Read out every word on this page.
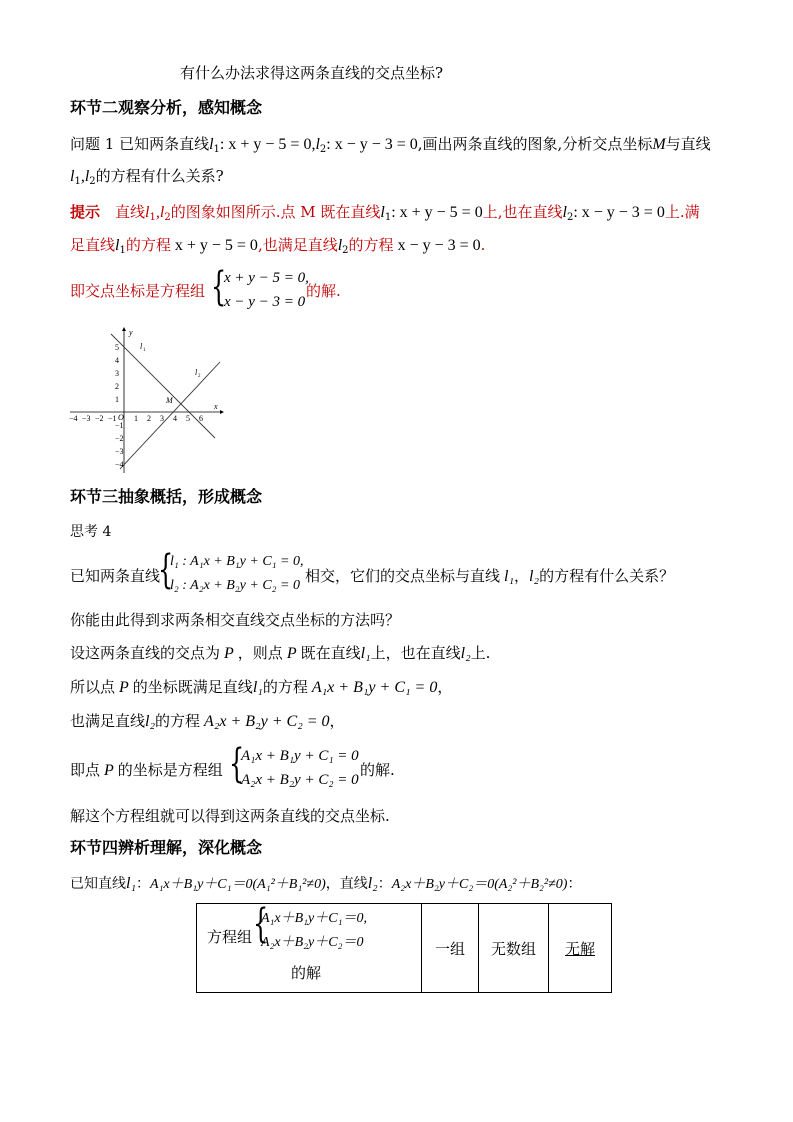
有什么办法求得这两条直线的交点坐标?
环节二观察分析，感知概念
问题 1 已知两条直线$l_1$: $x + y - 5 = 0,l_2$: x − y − 3 = 0,画出两条直线的图象,分析交点坐标M与直线
$l_1,l_2$的方程有什么关系?
提示　直线$l_1,l_2$的图象如图所示.点 M 既在直线$l_1$: x + y − 5 = 0上,也在直线$l_2$: x − y − 3 = 0上.满
足直线$l_1$的方程 x + y − 5 = 0,也满足直线$l_2$的方程 x − y − 3 = 0.
即交点坐标是方程组 {
x + y − 5 = 0,
x − y − 3 = 0
的解.
y
x
O
l 1
l 2
M
−4 −3 −2 −1 1 2 3 4 5 6
5
4
3
2
1
−1
−2
−3
−4
环节三抽象概括，形成概念
思考 4
已知两条直线
{
l₁ : A₁x + B₁y + C₁ = 0,
l₂ : A₂x + B₂y + C₂ = 0
相交，它们的交点坐标与直线 l₁，l₂的方程有什么关系？
你能由此得到求两条相交直线交点坐标的方法吗？
设这两条直线的交点为 P ，则点 P 既在直线l₁上，也在直线l₂上.
所以点 P 的坐标既满足直线l₁的方程 A₁x + B₁y + C₁ = 0，
也满足直线l₂的方程 A₂x + B₂y + C₂ = 0，
即点 P 的坐标是方程组 {
A₁x + B₁y + C₁ = 0
A₂x + B₂y + C₂ = 0
的解.
解这个方程组就可以得到这两条直线的交点坐标.
环节四辨析理解，深化概念
已知直线l₁：A₁x＋B₁y＋C₁＝0(A₁²＋B₁²≠0)，直线l₂：A₂x＋B₂y＋C₂＝0(A₂²＋B₂²≠0)：
方程组 {
A₁x＋B₁y＋C₁＝0,
A₂x＋B₂y＋C₂＝0
的解
	一组	无数组	无解
